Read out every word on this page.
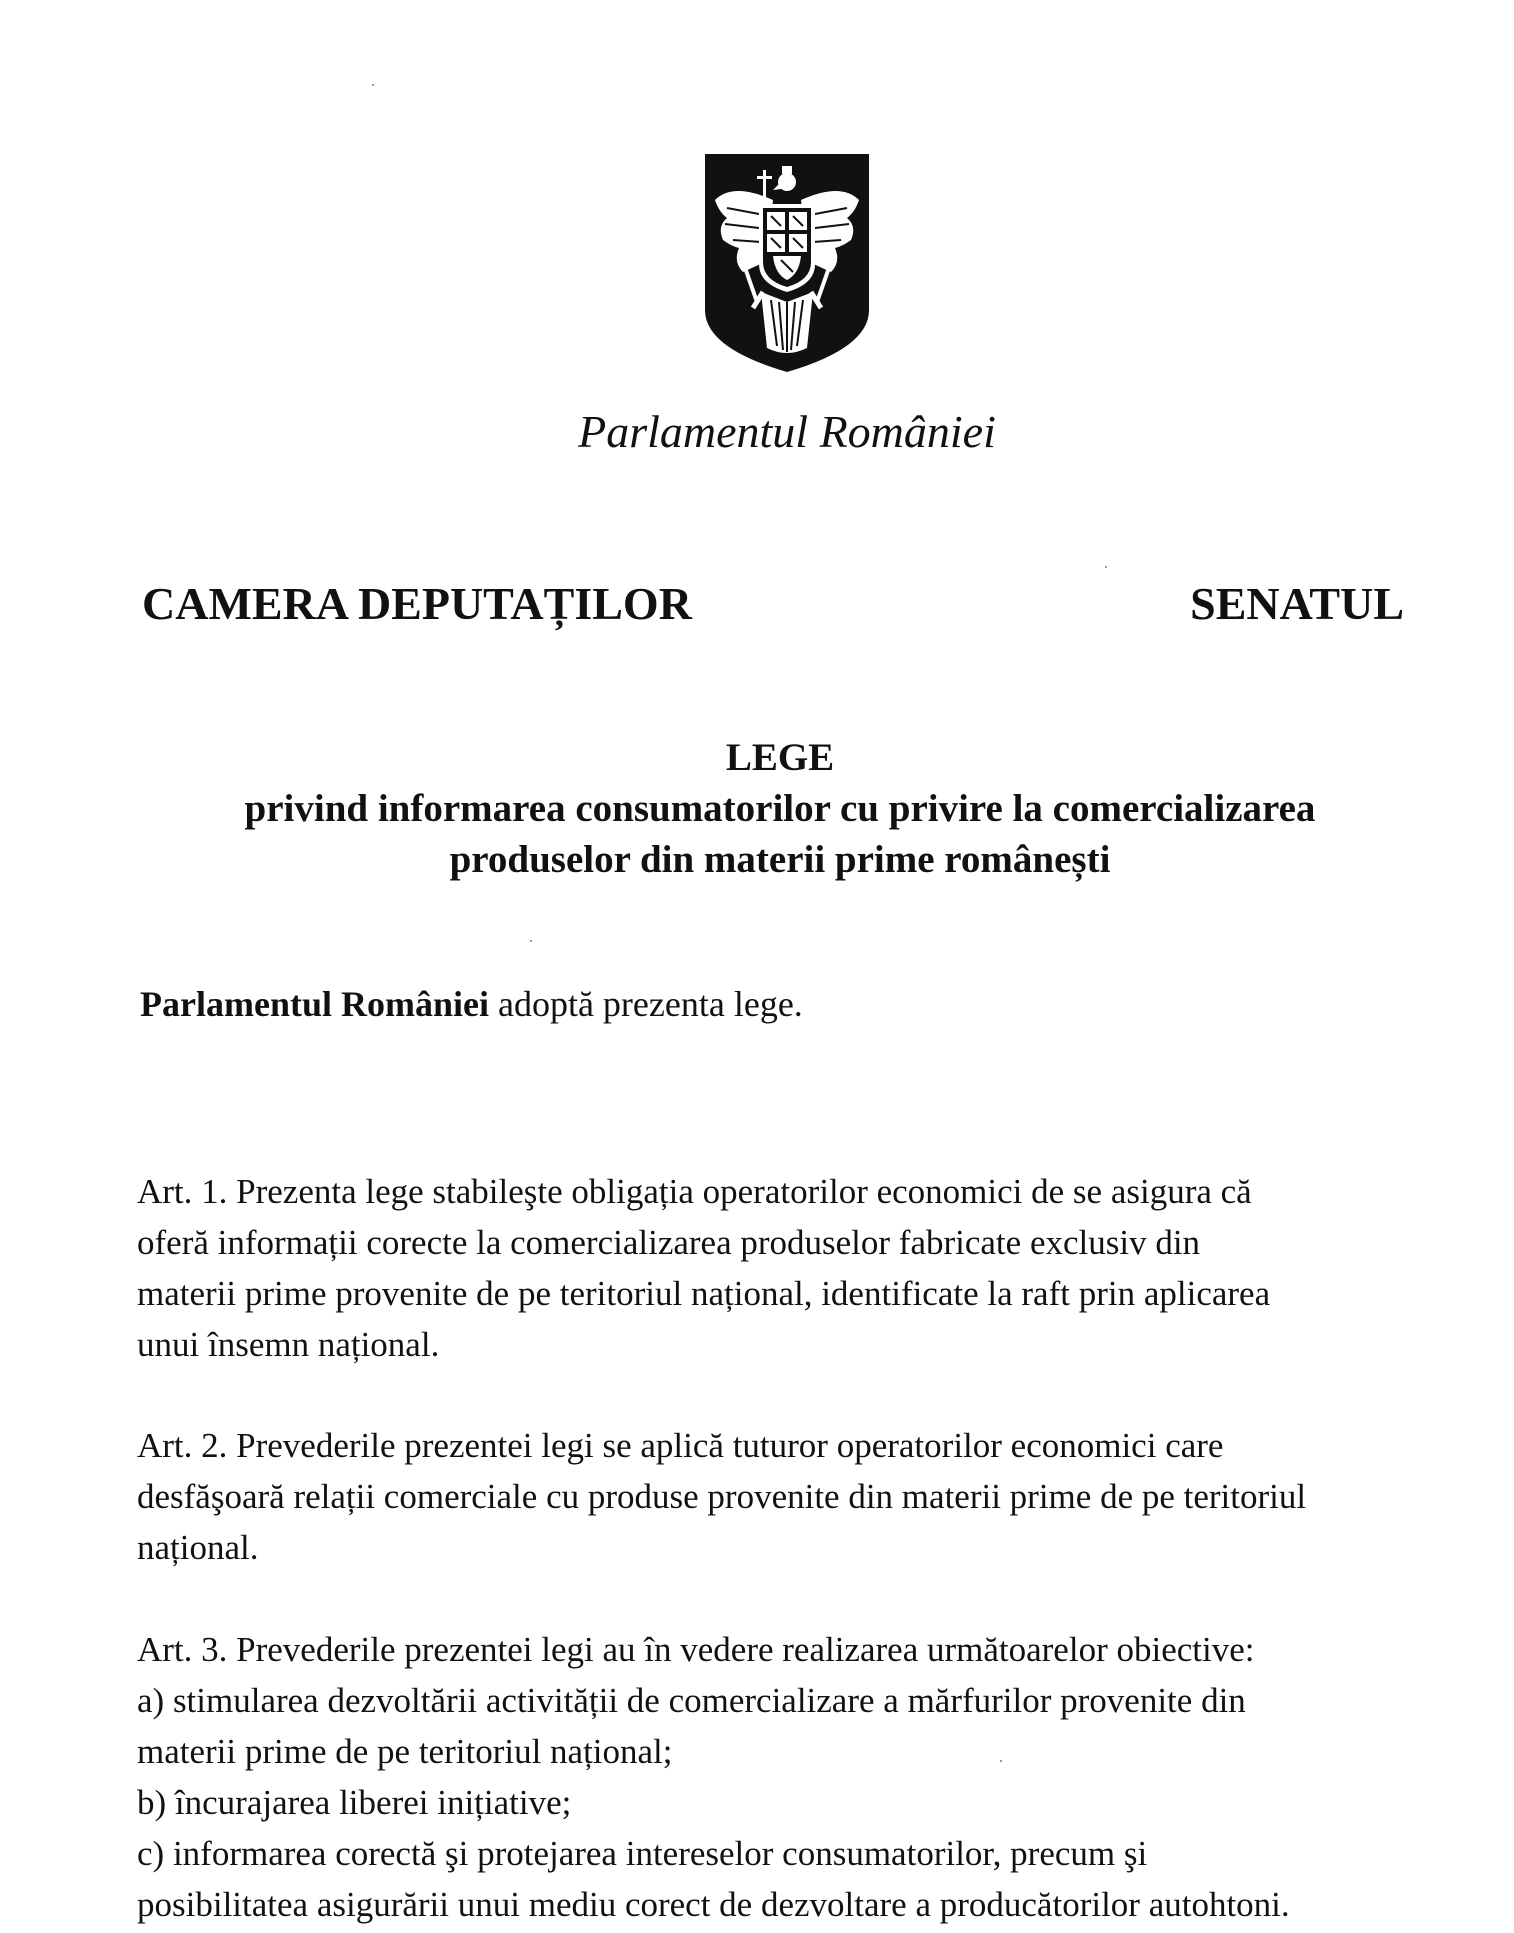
Parlamentul României
CAMERA DEPUTAȚILOR	SENATUL
LEGE
privind informarea consumatorilor cu privire la comercializarea
produselor din materii prime românești
Parlamentul României adoptă prezenta lege.
Art. 1. Prezenta lege stabileşte obligația operatorilor economici de se asigura că
oferă informații corecte la comercializarea produselor fabricate exclusiv din
materii prime provenite de pe teritoriul național, identificate la raft prin aplicarea
unui însemn național.
Art. 2. Prevederile prezentei legi se aplică tuturor operatorilor economici care
desfăşoară relații comerciale cu produse provenite din materii prime de pe teritoriul
național.
Art. 3. Prevederile prezentei legi au în vedere realizarea următoarelor obiective:
a) stimularea dezvoltării activității de comercializare a mărfurilor provenite din
materii prime de pe teritoriul național;
b) încurajarea liberei inițiative;
c) informarea corectă şi protejarea intereselor consumatorilor, precum şi
posibilitatea asigurării unui mediu corect de dezvoltare a producătorilor autohtoni.
